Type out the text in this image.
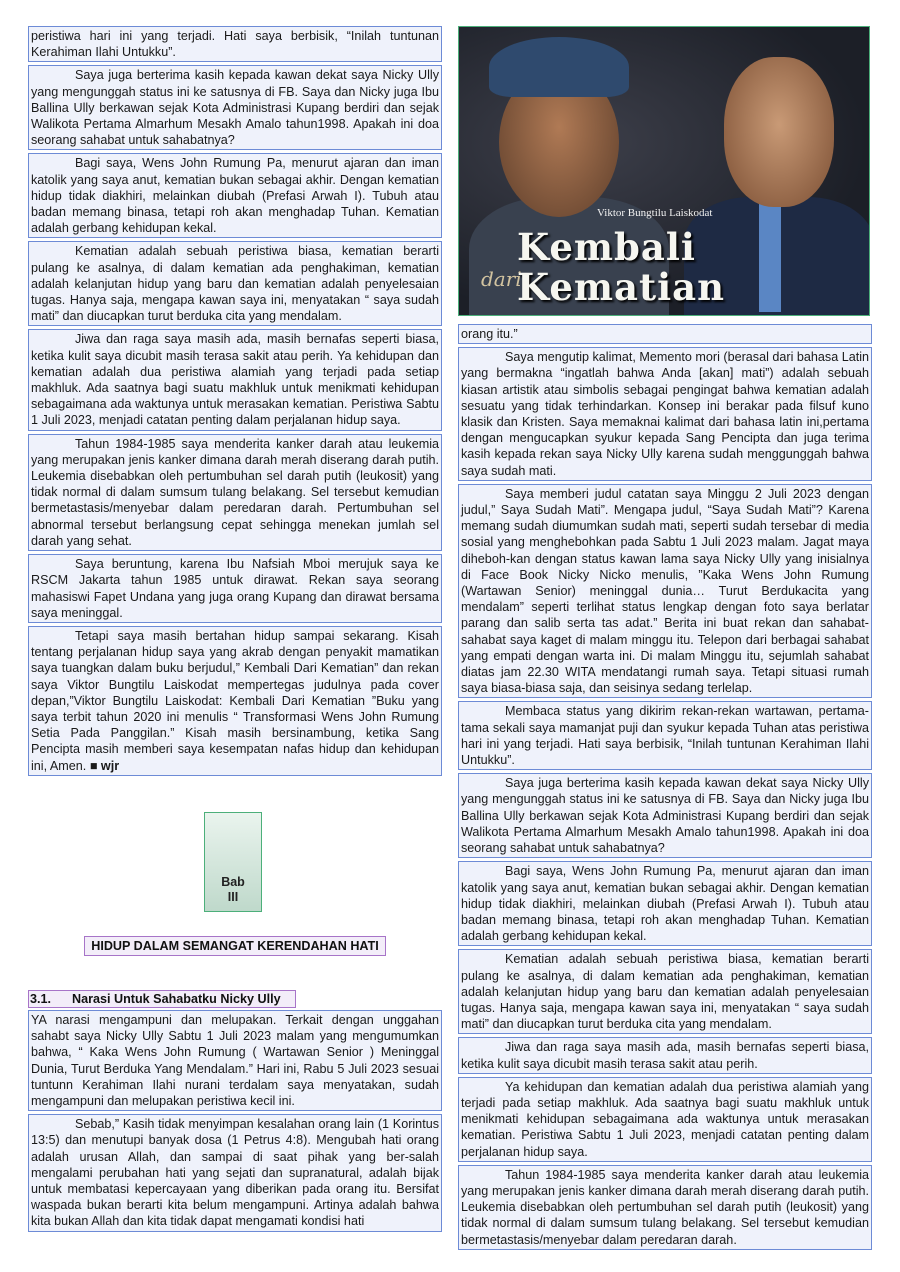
peristiwa hari ini yang terjadi. Hati saya berbisik, “Inilah tuntunan Kerahiman Ilahi Untukku”.
Saya juga berterima kasih kepada kawan dekat saya Nicky Ully yang mengunggah status ini ke satusnya di FB. Saya dan Nicky juga Ibu Ballina Ully berkawan sejak Kota Administrasi Kupang berdiri dan sejak Walikota Pertama Almarhum Mesakh Amalo tahun1998. Apakah ini doa seorang sahabat untuk sahabatnya?
Bagi saya, Wens John Rumung Pa, menurut ajaran dan iman katolik yang saya anut, kematian bukan sebagai akhir. Dengan kematian hidup tidak diakhiri, melainkan diubah (Prefasi Arwah I). Tubuh atau badan memang binasa, tetapi roh akan menghadap Tuhan. Kematian adalah gerbang kehidupan kekal.
Kematian adalah sebuah peristiwa biasa, kematian berarti pulang ke asalnya, di dalam kematian ada penghakiman, kematian adalah kelanjutan hidup yang baru dan kematian adalah penyelesaian tugas. Hanya saja, mengapa kawan saya ini, menyatakan “ saya sudah mati” dan diucapkan turut berduka cita yang mendalam.
Jiwa dan raga saya masih ada, masih bernafas seperti biasa, ketika kulit saya dicubit masih terasa sakit atau perih. Ya kehidupan dan kematian adalah dua peristiwa alamiah yang terjadi pada setiap makhluk. Ada saatnya bagi suatu makhluk untuk menikmati kehidupan sebagaimana ada waktunya untuk merasakan kematian. Peristiwa Sabtu 1 Juli 2023, menjadi catatan penting dalam perjalanan hidup saya.
Tahun 1984-1985 saya menderita kanker darah atau leukemia yang merupakan jenis kanker dimana darah merah diserang darah putih. Leukemia disebabkan oleh pertumbuhan sel darah putih (leukosit) yang tidak normal di dalam sumsum tulang belakang. Sel tersebut kemudian bermetastasis/menyebar dalam peredaran darah. Pertumbuhan sel abnormal tersebut berlangsung cepat sehingga menekan jumlah sel darah yang sehat.
Saya beruntung, karena Ibu Nafsiah Mboi merujuk saya ke RSCM Jakarta tahun 1985 untuk dirawat. Rekan saya seorang mahasiswi Fapet Undana yang juga orang Kupang dan dirawat bersama saya meninggal.
Tetapi saya masih bertahan hidup sampai sekarang. Kisah tentang perjalanan hidup saya yang akrab dengan penyakit mamatikan saya tuangkan dalam buku berjudul,” Kembali Dari Kematian” dan rekan saya Viktor Bungtilu Laiskodat mempertegas judulnya pada cover depan,”Viktor Bungtilu Laiskodat: Kembali Dari Kematian ”Buku yang saya terbit tahun 2020 ini menulis “ Transformasi Wens John Rumung Setia Pada Panggilan.” Kisah masih bersinambung, ketika Sang Pencipta masih memberi saya kesempatan nafas hidup dan kehidupan ini, Amen. ■ wjr
Bab
III
HIDUP DALAM SEMANGAT KERENDAHAN HATI
3.1. Narasi Untuk Sahabatku Nicky Ully
YA narasi mengampuni dan melupakan. Terkait dengan unggahan sahabt saya Nicky Ully Sabtu 1 Juli 2023 malam yang mengumumkan bahwa, “ Kaka Wens John Rumung ( Wartawan Senior ) Meninggal Dunia, Turut Berduka Yang Mendalam.” Hari ini, Rabu 5 Juli 2023 sesuai tuntunn Kerahiman Ilahi nurani terdalam saya menyatakan, sudah mengampuni dan melupakan peristiwa kecil ini.
Sebab,” Kasih tidak menyimpan kesalahan orang lain (1 Korintus 13:5) dan menutupi banyak dosa (1 Petrus 4:8). Mengubah hati orang adalah urusan Allah, dan sampai di saat pihak yang ber-salah mengalami perubahan hati yang sejati dan supranatural, adalah bijak untuk membatasi kepercayaan yang diberikan pada orang itu. Bersifat waspada bukan berarti kita belum mengampuni. Artinya adalah bahwa kita bukan Allah dan kita tidak dapat mengamati kondisi hati
Viktor Bungtilu Laiskodat
Kembali
dari
Kematian
orang itu.”
Saya mengutip kalimat, Memento mori (berasal dari bahasa Latin yang bermakna “ingatlah bahwa Anda [akan] mati”) adalah sebuah kiasan artistik atau simbolis sebagai pengingat bahwa kematian adalah sesuatu yang tidak terhindarkan. Konsep ini berakar pada filsuf kuno klasik dan Kristen. Saya memaknai kalimat dari bahasa latin ini,pertama dengan mengucapkan syukur kepada Sang Pencipta dan juga terima kasih kepada rekan saya Nicky Ully karena sudah menggunggah bahwa saya sudah mati.
Saya memberi judul catatan saya Minggu 2 Juli 2023 dengan judul,” Saya Sudah Mati”. Mengapa judul, “Saya Sudah Mati”? Karena memang sudah diumumkan sudah mati, seperti sudah tersebar di media sosial yang menghebohkan pada Sabtu 1 Juli 2023 malam. Jagat maya diheboh-kan dengan status kawan lama saya Nicky Ully yang inisialnya di Face Book Nicky Nicko menulis, ”Kaka Wens John Rumung (Wartawan Senior) meninggal dunia… Turut Berdukacita yang mendalam” seperti terlihat status lengkap dengan foto saya berlatar parang dan salib serta tas adat.” Berita ini buat rekan dan sahabat-sahabat saya kaget di malam minggu itu. Telepon dari berbagai sahabat yang empati dengan warta ini. Di malam Minggu itu, sejumlah sahabat diatas jam 22.30 WITA mendatangi rumah saya. Tetapi situasi rumah saya biasa-biasa saja, dan seisinya sedang terlelap.
Membaca status yang dikirim rekan-rekan wartawan, pertama-tama sekali saya mamanjat puji dan syukur kepada Tuhan atas peristiwa hari ini yang terjadi. Hati saya berbisik, “Inilah tuntunan Kerahiman Ilahi Untukku”.
Saya juga berterima kasih kepada kawan dekat saya Nicky Ully yang mengunggah status ini ke satusnya di FB. Saya dan Nicky juga Ibu Ballina Ully berkawan sejak Kota Administrasi Kupang berdiri dan sejak Walikota Pertama Almarhum Mesakh Amalo tahun1998. Apakah ini doa seorang sahabat untuk sahabatnya?
Bagi saya, Wens John Rumung Pa, menurut ajaran dan iman katolik yang saya anut, kematian bukan sebagai akhir. Dengan kematian hidup tidak diakhiri, melainkan diubah (Prefasi Arwah I). Tubuh atau badan memang binasa, tetapi roh akan menghadap Tuhan. Kematian adalah gerbang kehidupan kekal.
Kematian adalah sebuah peristiwa biasa, kematian berarti pulang ke asalnya, di dalam kematian ada penghakiman, kematian adalah kelanjutan hidup yang baru dan kematian adalah penyelesaian tugas. Hanya saja, mengapa kawan saya ini, menyatakan “ saya sudah mati” dan diucapkan turut berduka cita yang mendalam.
Jiwa dan raga saya masih ada, masih bernafas seperti biasa, ketika kulit saya dicubit masih terasa sakit atau perih.
Ya kehidupan dan kematian adalah dua peristiwa alamiah yang terjadi pada setiap makhluk. Ada saatnya bagi suatu makhluk untuk menikmati kehidupan sebagaimana ada waktunya untuk merasakan kematian. Peristiwa Sabtu 1 Juli 2023, menjadi catatan penting dalam perjalanan hidup saya.
Tahun 1984-1985 saya menderita kanker darah atau leukemia yang merupakan jenis kanker dimana darah merah diserang darah putih. Leukemia disebabkan oleh pertumbuhan sel darah putih (leukosit) yang tidak normal di dalam sumsum tulang belakang. Sel tersebut kemudian bermetastasis/menyebar dalam peredaran darah.
